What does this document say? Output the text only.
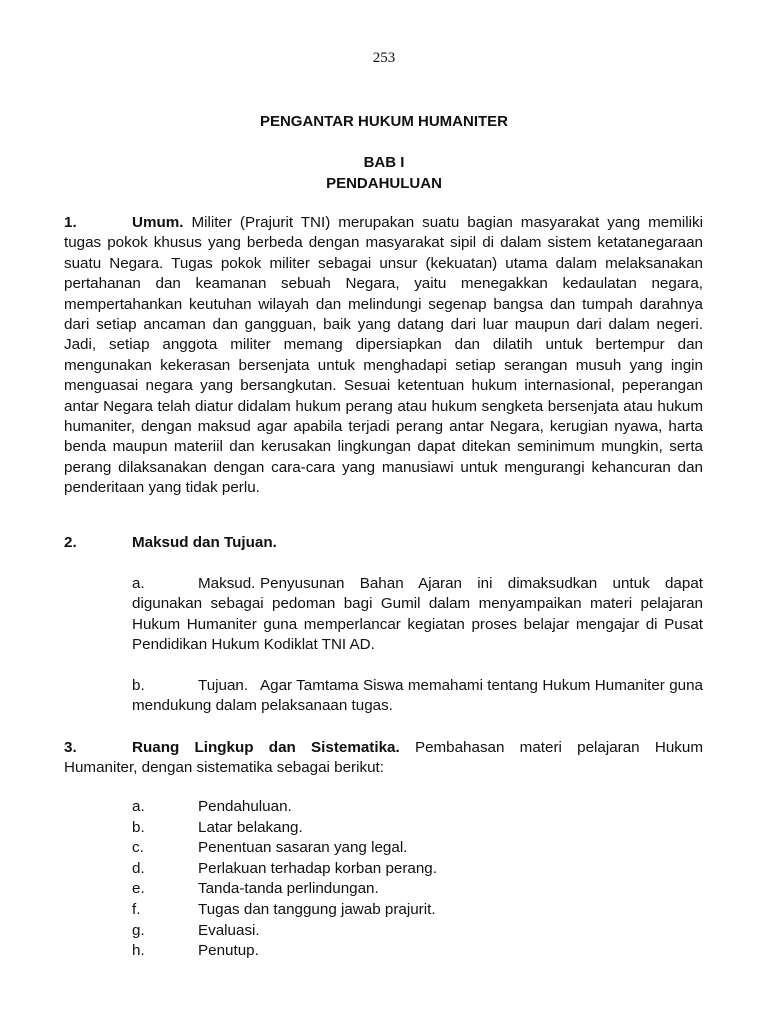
253
PENGANTAR HUKUM HUMANITER
BAB I
PENDAHULUAN
1.	Umum. Militer (Prajurit TNI) merupakan suatu bagian masyarakat yang memiliki tugas pokok khusus yang berbeda dengan masyarakat sipil di dalam sistem ketatanegaraan suatu Negara. Tugas pokok militer sebagai unsur (kekuatan) utama dalam melaksanakan pertahanan dan keamanan sebuah Negara, yaitu menegakkan kedaulatan negara, mempertahankan keutuhan wilayah dan melindungi segenap bangsa dan tumpah darahnya dari setiap ancaman dan gangguan, baik yang datang dari luar maupun dari dalam negeri. Jadi, setiap anggota militer memang dipersiapkan dan dilatih untuk bertempur dan mengunakan kekerasan bersenjata untuk menghadapi setiap serangan musuh yang ingin menguasai negara yang bersangkutan. Sesuai ketentuan hukum internasional, peperangan antar Negara telah diatur didalam hukum perang atau hukum sengketa bersenjata atau hukum humaniter, dengan maksud agar apabila terjadi perang antar Negara, kerugian nyawa, harta benda maupun materiil dan kerusakan lingkungan dapat ditekan seminimum mungkin, serta perang dilaksanakan dengan cara-cara yang manusiawi untuk mengurangi kehancuran dan penderitaan yang tidak perlu.
2.	Maksud dan Tujuan.
a.	Maksud. Penyusunan Bahan Ajaran ini dimaksudkan untuk dapat digunakan sebagai pedoman bagi Gumil dalam menyampaikan materi pelajaran Hukum Humaniter guna memperlancar kegiatan proses belajar mengajar di Pusat Pendidikan Hukum Kodiklat TNI AD.
b.	Tujuan. Agar Tamtama Siswa memahami tentang Hukum Humaniter guna mendukung dalam pelaksanaan tugas.
3.	Ruang Lingkup dan Sistematika. Pembahasan materi pelajaran Hukum Humaniter, dengan sistematika sebagai berikut:
a.	Pendahuluan.
b.	Latar belakang.
c.	Penentuan sasaran yang legal.
d.	Perlakuan terhadap korban perang.
e.	Tanda-tanda perlindungan.
f.	Tugas dan tanggung jawab prajurit.
g.	Evaluasi.
h.	Penutup.
